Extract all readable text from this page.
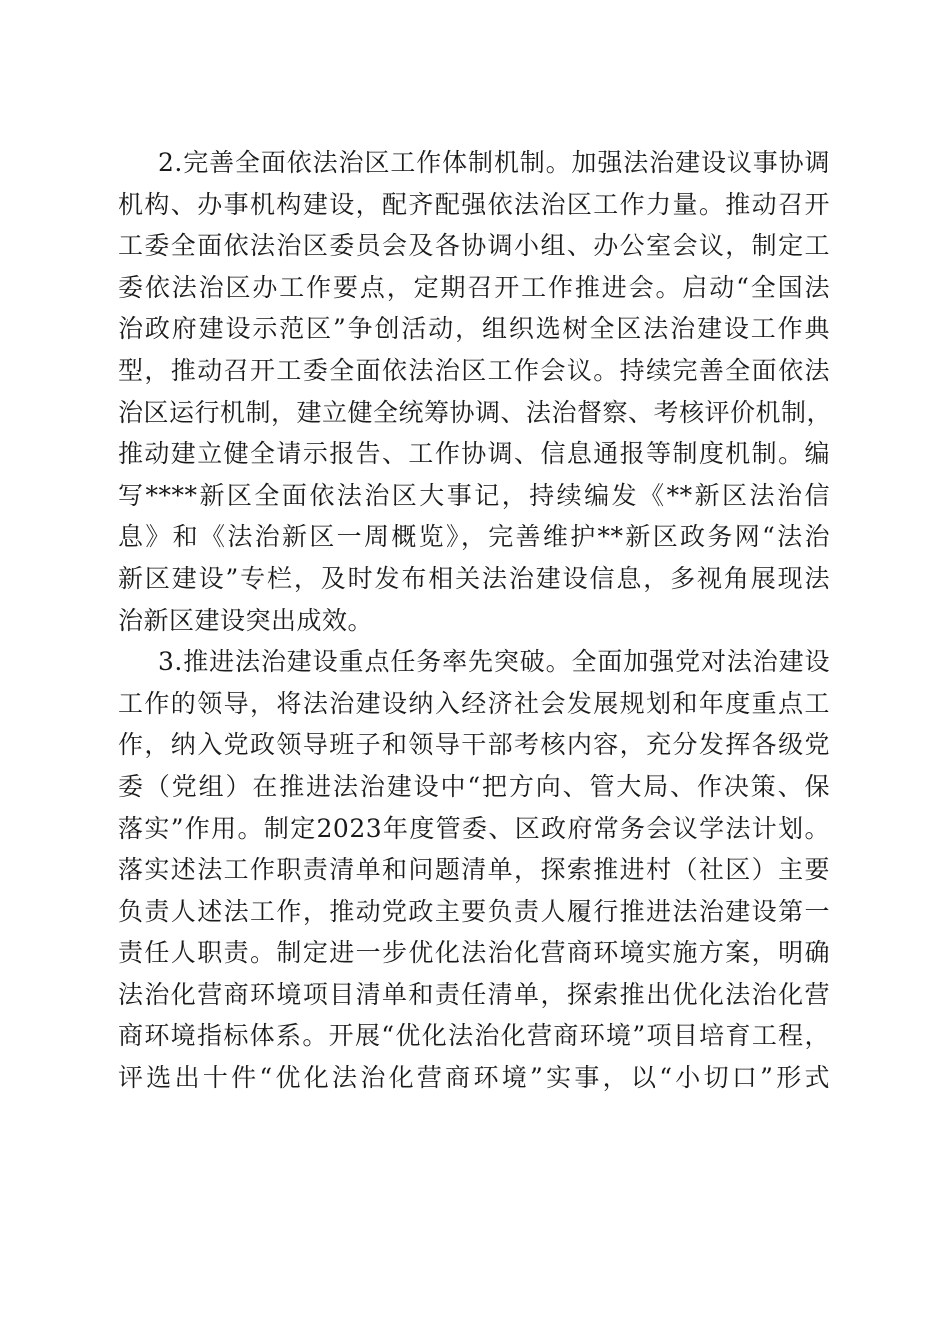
2.完善全面依法治区工作体制机制。加强法治建设议事协调
机构、办事机构建设，配齐配强依法治区工作力量。推动召开
工委全面依法治区委员会及各协调小组、办公室会议，制定工
委依法治区办工作要点，定期召开工作推进会。启动“全国法
治政府建设示范区”争创活动，组织选树全区法治建设工作典
型，推动召开工委全面依法治区工作会议。持续完善全面依法
治区运行机制，建立健全统筹协调、法治督察、考核评价机制，
推动建立健全请示报告、工作协调、信息通报等制度机制。编
写****新区全面依法治区大事记，持续编发《**新区法治信
息》和《法治新区一周概览》，完善维护**新区政务网“法治
新区建设”专栏，及时发布相关法治建设信息，多视角展现法
治新区建设突出成效。
3.推进法治建设重点任务率先突破。全面加强党对法治建设
工作的领导，将法治建设纳入经济社会发展规划和年度重点工
作，纳入党政领导班子和领导干部考核内容，充分发挥各级党
委（党组）在推进法治建设中“把方向、管大局、作决策、保
落实”作用。制定2023年度管委、区政府常务会议学法计划。
落实述法工作职责清单和问题清单，探索推进村（社区）主要
负责人述法工作，推动党政主要负责人履行推进法治建设第一
责任人职责。制定进一步优化法治化营商环境实施方案，明确
法治化营商环境项目清单和责任清单，探索推出优化法治化营
商环境指标体系。开展“优化法治化营商环境”项目培育工程，
评选出十件“优化法治化营商环境”实事，以“小切口”形式
